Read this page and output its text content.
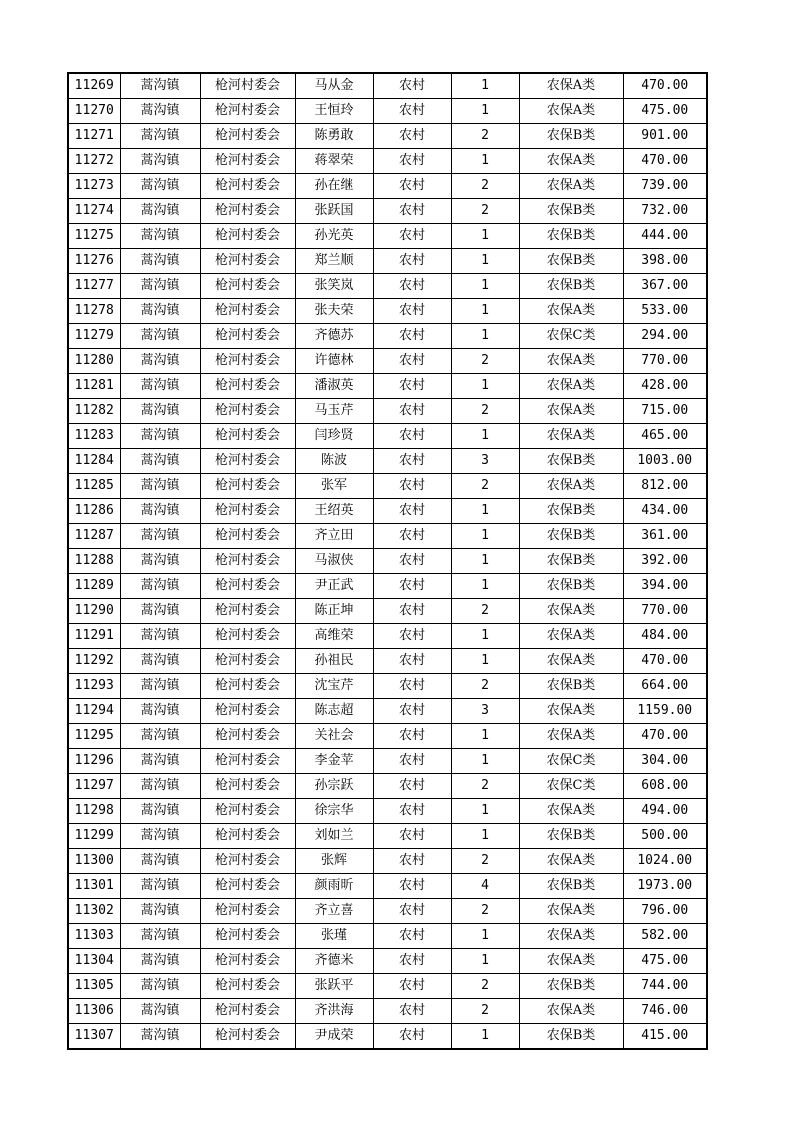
11269	蒿沟镇	枪河村委会	马从金	农村	1	农保A类	470.00
11270	蒿沟镇	枪河村委会	王恒玲	农村	1	农保A类	475.00
11271	蒿沟镇	枪河村委会	陈勇敢	农村	2	农保B类	901.00
11272	蒿沟镇	枪河村委会	蒋翠荣	农村	1	农保A类	470.00
11273	蒿沟镇	枪河村委会	孙在继	农村	2	农保A类	739.00
11274	蒿沟镇	枪河村委会	张跃国	农村	2	农保B类	732.00
11275	蒿沟镇	枪河村委会	孙光英	农村	1	农保B类	444.00
11276	蒿沟镇	枪河村委会	郑兰顺	农村	1	农保B类	398.00
11277	蒿沟镇	枪河村委会	张笑岚	农村	1	农保B类	367.00
11278	蒿沟镇	枪河村委会	张夫荣	农村	1	农保A类	533.00
11279	蒿沟镇	枪河村委会	齐德苏	农村	1	农保C类	294.00
11280	蒿沟镇	枪河村委会	许德林	农村	2	农保A类	770.00
11281	蒿沟镇	枪河村委会	潘淑英	农村	1	农保A类	428.00
11282	蒿沟镇	枪河村委会	马玉芹	农村	2	农保A类	715.00
11283	蒿沟镇	枪河村委会	闫珍贤	农村	1	农保A类	465.00
11284	蒿沟镇	枪河村委会	陈波	农村	3	农保B类	1003.00
11285	蒿沟镇	枪河村委会	张军	农村	2	农保A类	812.00
11286	蒿沟镇	枪河村委会	王绍英	农村	1	农保B类	434.00
11287	蒿沟镇	枪河村委会	齐立田	农村	1	农保B类	361.00
11288	蒿沟镇	枪河村委会	马淑侠	农村	1	农保B类	392.00
11289	蒿沟镇	枪河村委会	尹正武	农村	1	农保B类	394.00
11290	蒿沟镇	枪河村委会	陈正坤	农村	2	农保A类	770.00
11291	蒿沟镇	枪河村委会	高维荣	农村	1	农保A类	484.00
11292	蒿沟镇	枪河村委会	孙祖民	农村	1	农保A类	470.00
11293	蒿沟镇	枪河村委会	沈宝芹	农村	2	农保B类	664.00
11294	蒿沟镇	枪河村委会	陈志超	农村	3	农保A类	1159.00
11295	蒿沟镇	枪河村委会	关社会	农村	1	农保A类	470.00
11296	蒿沟镇	枪河村委会	李金苹	农村	1	农保C类	304.00
11297	蒿沟镇	枪河村委会	孙宗跃	农村	2	农保C类	608.00
11298	蒿沟镇	枪河村委会	徐宗华	农村	1	农保A类	494.00
11299	蒿沟镇	枪河村委会	刘如兰	农村	1	农保B类	500.00
11300	蒿沟镇	枪河村委会	张辉	农村	2	农保A类	1024.00
11301	蒿沟镇	枪河村委会	颜雨昕	农村	4	农保B类	1973.00
11302	蒿沟镇	枪河村委会	齐立喜	农村	2	农保A类	796.00
11303	蒿沟镇	枪河村委会	张瑾	农村	1	农保A类	582.00
11304	蒿沟镇	枪河村委会	齐德米	农村	1	农保A类	475.00
11305	蒿沟镇	枪河村委会	张跃平	农村	2	农保B类	744.00
11306	蒿沟镇	枪河村委会	齐洪海	农村	2	农保A类	746.00
11307	蒿沟镇	枪河村委会	尹成荣	农村	1	农保B类	415.00
